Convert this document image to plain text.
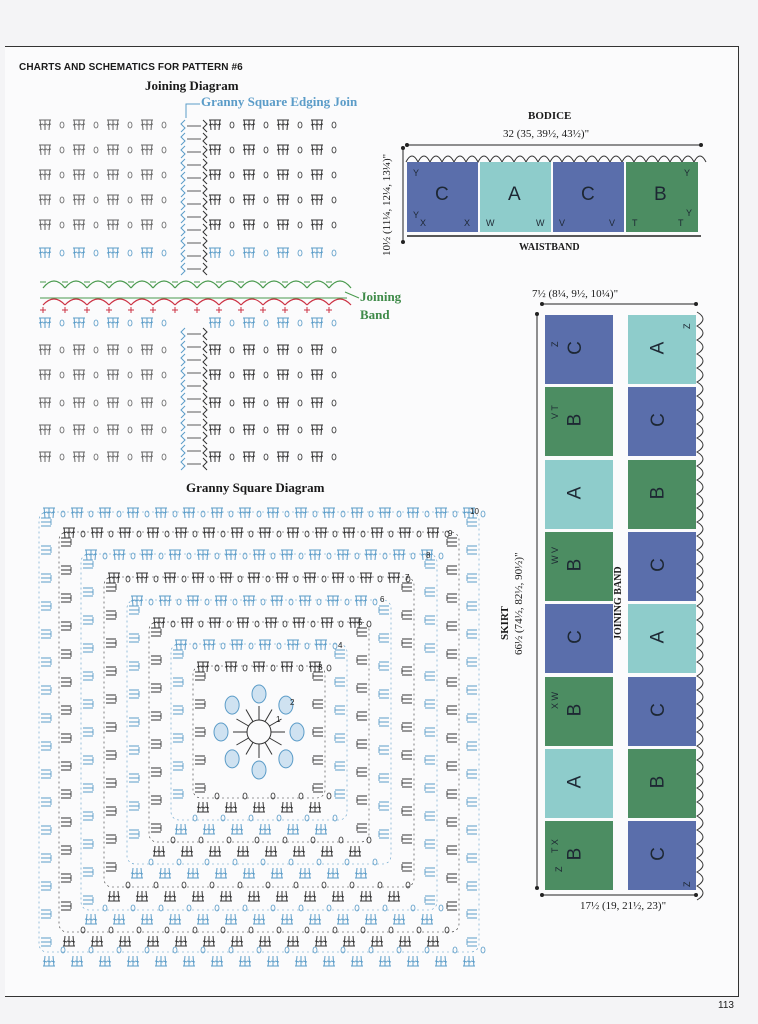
CHARTS AND SCHEMATICS FOR PATTERN #6
113
Joining Diagram
Granny Square Edging Join
Joining
Band
Granny Square Diagram
1
2
3
4
5
6
7
8
9
10
BODICE
32 (35, 39½, 43½)"
10½ (11¼, 12¼, 13¼)" C
Y
Y
X	X
A
W	W
C
V	V
B
Y
T	T
Y
WAISTBAND
7½ (8¼, 9½, 10¼)"
SKIRT 66½ (74½, 82½, 90½)"	JOINING BAND
C
Z
B
V T
A
B
W V
C
B
X W
A
B
T X
A
Z
C
B
C
A
C
B
C
Z
Z
17½ (19, 21½, 23)"
